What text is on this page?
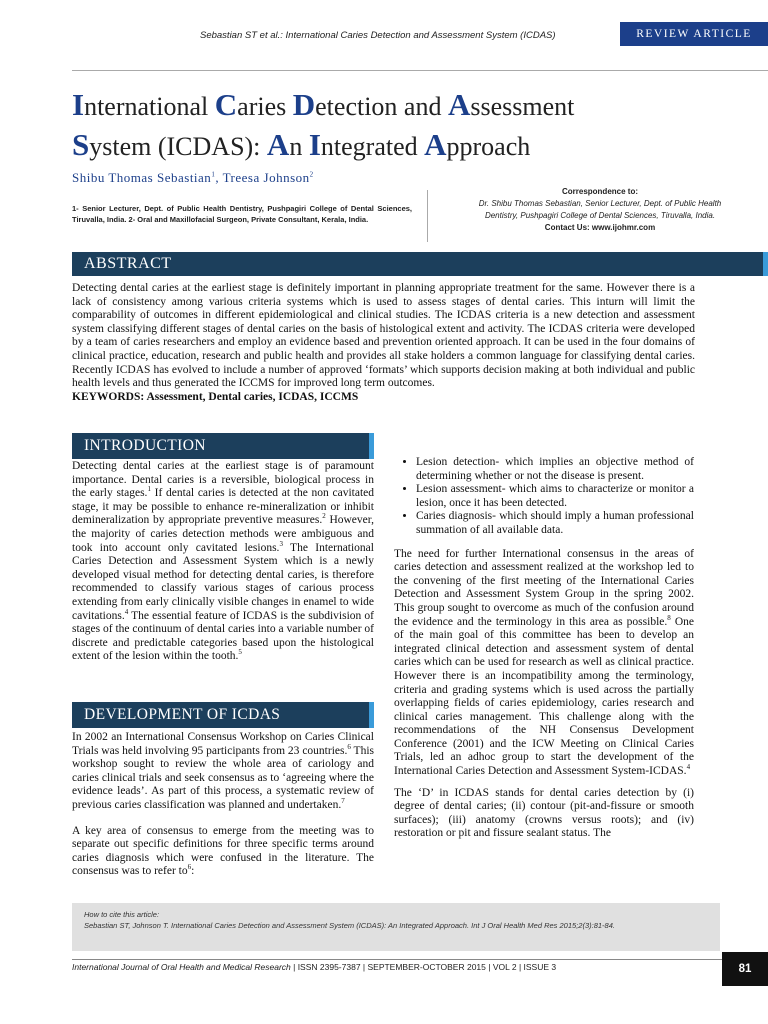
Sebastian ST et al.: International Caries Detection and Assessment System (ICDAS)	REVIEW ARTICLE
International Caries Detection and Assessment
System (ICDAS): An Integrated Approach
Shibu Thomas Sebastian$^1$, Treesa Johnson$^2$
1- Senior Lecturer, Dept. of Public Health Dentistry, Pushpagiri College of Dental Sciences, Tiruvalla, India. 2- Oral and Maxillofacial Surgeon, Private Consultant, Kerala, India.
Correspondence to:
Dr. Shibu Thomas Sebastian, Senior Lecturer, Dept. of Public Health
Dentistry, Pushpagiri College of Dental Sciences, Tiruvalla, India.
Contact Us: www.ijohmr.com
ABSTRACT
Detecting dental caries at the earliest stage is definitely important in planning appropriate treatment for the same. However there is a lack of consistency among various criteria systems which is used to assess stages of dental caries. This inturn will limit the comparability of outcomes in different epidemiological and clinical studies. The ICDAS criteria is a new detection and assessment system classifying different stages of dental caries on the basis of histological extent and activity. The ICDAS criteria were developed by a team of caries researchers and employ an evidence based and prevention oriented approach. It can be used in the four domains of clinical practice, education, research and public health and provides all stake holders a common language for classifying dental caries. Recently ICDAS has evolved to include a number of approved ‘formats’ which supports decision making at both individual and public health levels and thus generated the ICCMS for improved long term outcomes.
KEYWORDS: Assessment, Dental caries, ICDAS, ICCMS
INTRODUCTION

Detecting dental caries at the earliest stage is of paramount importance. Dental caries is a reversible, biological process in the early stages.$^1$ If dental caries is detected at the non cavitated stage, it may be possible to enhance re-mineralization or inhibit demineralization by appropriate preventive measures.$^2$ However, the majority of caries detection methods were ambiguous and took into account only cavitated lesions.$^3$ The International Caries Detection and Assessment System which is a newly developed visual method for detecting dental caries, is therefore recommended to classify various stages of carious process extending from early clinically visible changes in enamel to wide cavitations.$^4$ The essential feature of ICDAS is the subdivision of stages of the continuum of dental caries into a variable number of discrete and predictable categories based upon the histological extent of the lesion within the tooth.$^5$

DEVELOPMENT OF ICDAS

In 2002 an International Consensus Workshop on Caries Clinical Trials was held involving 95 participants from 23 countries.$^6$ This workshop sought to review the whole area of cariology and caries clinical trials and seek consensus as to ‘agreeing where the evidence leads’. As part of this process, a systematic review of previous caries classification was planned and undertaken.$^7$

A key area of consensus to emerge from the meeting was to separate out specific definitions for three specific terms around caries diagnosis which were confused in the literature. The consensus was to refer $to^6$:

• Lesion detection- which implies an objective method of determining whether or not the disease is present.
• Lesion assessment- which aims to characterize or monitor a lesion, once it has been detected.
• Caries diagnosis- which should imply a human professional summation of all available data.

The need for further International consensus in the areas of caries detection and assessment realized at the workshop led to the convening of the first meeting of the International Caries Detection and Assessment System Group in the spring 2002. This group sought to overcome as much of the confusion around the evidence and the terminology in this area as possible.$^8$ One of the main goal of this committee has been to develop an integrated clinical detection and assessment system of dental caries which can be used for research as well as clinical practice. However there is an incompatibility among the terminology, criteria and grading systems which is used across the partially overlapping fields of caries epidemiology, caries research and clinical caries management. This challenge along with the recommendations of the NH Consensus Development Conference (2001) and the ICW Meeting on Clinical Caries Trials, led an adhoc group to start the development of the International Caries Detection and Assessment System-ICDAS.$^4$

The ‘D’ in ICDAS stands for dental caries detection by (i) degree of dental caries; (ii) contour (pit-and-fissure or smooth surfaces); (iii) anatomy (crowns versus roots); and (iv) restoration or pit and fissure sealant status. The

How to cite this article:
Sebastian ST, Johnson T. International Caries Detection and Assessment System (ICDAS): An Integrated Approach. Int J Oral Health Med Res 2015;2(3):81-84.
International Journal of Oral Health and Medical Research | ISSN 2395-7387 | SEPTEMBER-OCTOBER 2015 | VOL 2 | ISSUE 3	81
